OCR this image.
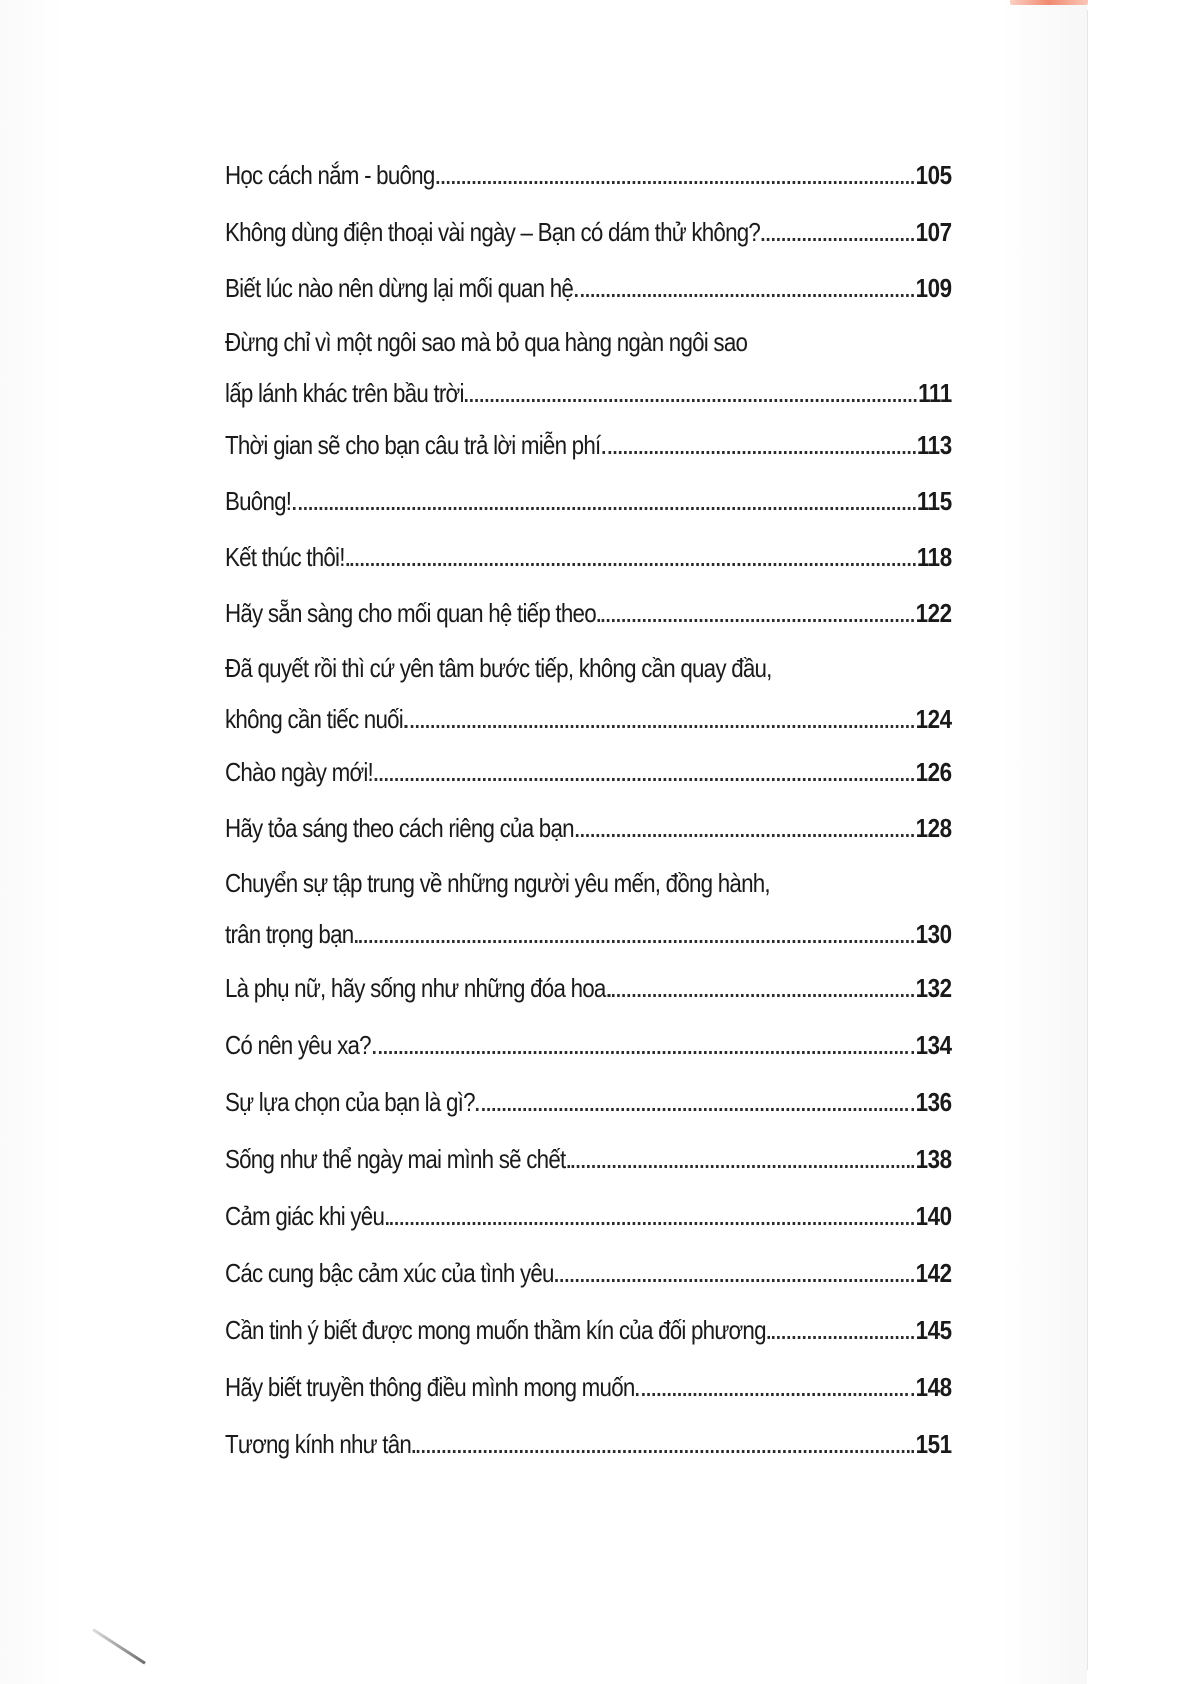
Học cách nắm - buông	105
Không dùng điện thoại vài ngày – Bạn có dám thử không?	107
Biết lúc nào nên dừng lại mối quan hệ	109
Đừng chỉ vì một ngôi sao mà bỏ qua hàng ngàn ngôi sao
lấp lánh khác trên bầu trời	111
Thời gian sẽ cho bạn câu trả lời miễn phí	113
Buông!	115
Kết thúc thôi!	118
Hãy sẵn sàng cho mối quan hệ tiếp theo	122
Đã quyết rồi thì cứ yên tâm bước tiếp, không cần quay đầu,
không cần tiếc nuối	124
Chào ngày mới!	126
Hãy tỏa sáng theo cách riêng của bạn	128
Chuyển sự tập trung về những người yêu mến, đồng hành,
trân trọng bạn	130
Là phụ nữ, hãy sống như những đóa hoa	132
Có nên yêu xa?	134
Sự lựa chọn của bạn là gì?	136
Sống như thể ngày mai mình sẽ chết	138
Cảm giác khi yêu	140
Các cung bậc cảm xúc của tình yêu	142
Cần tinh ý biết được mong muốn thầm kín của đối phương	145
Hãy biết truyền thông điều mình mong muốn	148
Tương kính như tân	151
